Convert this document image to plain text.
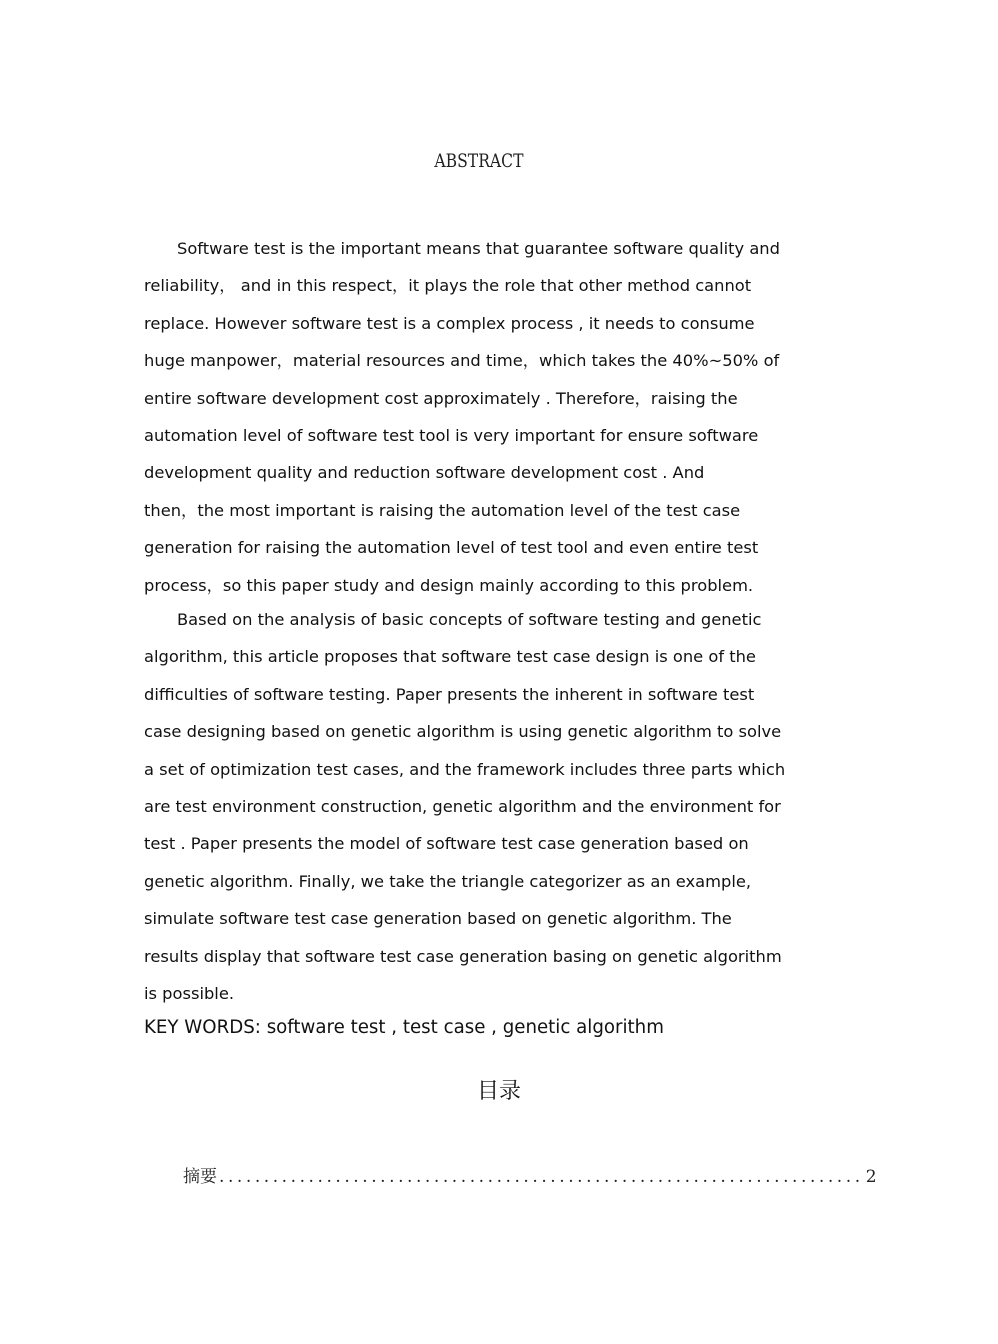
ABSTRACT
Software test is the important means that guarantee software quality and
reliability， and in this respect，it plays the role that other method cannot
replace. However software test is a complex process , it needs to consume
huge manpower，material resources and time，which takes the 40%~50% of
entire software development cost approximately . Therefore，raising the
automation level of software test tool is very important for ensure software
development quality and reduction software development cost . And
then，the most important is raising the automation level of the test case
generation for raising the automation level of test tool and even entire test
process，so this paper study and design mainly according to this problem.
Based on the analysis of basic concepts of software testing and genetic
algorithm, this article proposes that software test case design is one of the
difficulties of software testing. Paper presents the inherent in software test
case designing based on genetic algorithm is using genetic algorithm to solve
a set of optimization test cases, and the framework includes three parts which
are test environment construction, genetic algorithm and the environment for
test . Paper presents the model of software test case generation based on
genetic algorithm. Finally, we take the triangle categorizer as an example,
simulate software test case generation based on genetic algorithm. The
results display that software test case generation basing on genetic algorithm
is possible.
KEY WORDS: software test , test case , genetic algorithm
目录
摘要 ........................................................................ 2
